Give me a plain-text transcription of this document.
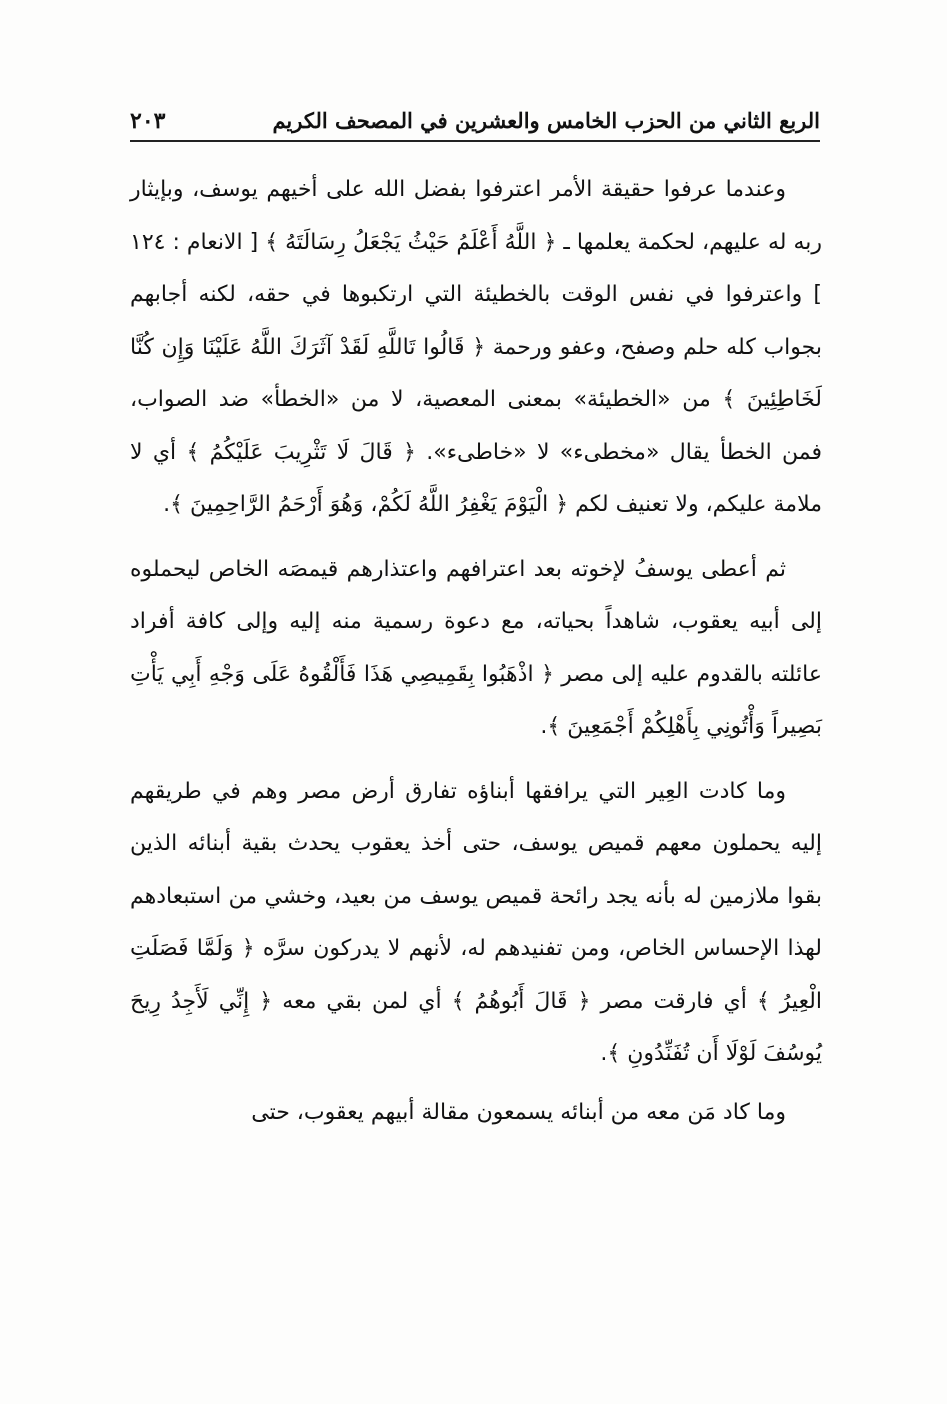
الربع الثاني من الحزب الخامس والعشرين في المصحف الكريم
٢٠٣

وعندما عرفوا حقيقة الأمر اعترفوا بفضل الله على أخيهم يوسف، وبإيثار ربه له عليهم، لحكمة يعلمها ـ ﴿ اللَّهُ أَعْلَمُ حَيْثُ يَجْعَلُ رِسَالَتَهُ ﴾ [ الانعام : ١٢٤ ] واعترفوا في نفس الوقت بالخطيئة التي ارتكبوها في حقه، لكنه أجابهم بجواب كله حلم وصفح، وعفو ورحمة ﴿ قَالُوا تَاللَّهِ لَقَدْ آثَرَكَ اللَّهُ عَلَيْنَا وَإِن كُنَّا لَخَاطِئِينَ ﴾ من «الخطيئة» بمعنى المعصية، لا من «الخطأ» ضد الصواب، فمن الخطأ يقال «مخطىء» لا «خاطىء». ﴿ قَالَ لَا تَثْرِيبَ عَلَيْكُمُ ﴾ أي لا ملامة عليكم، ولا تعنيف لكم ﴿ الْيَوْمَ يَغْفِرُ اللَّهُ لَكُمْ، وَهُوَ أَرْحَمُ الرَّاحِمِينَ ﴾.

ثم أعطى يوسفُ لإخوته بعد اعترافهم واعتذارهم قيمصَه الخاص ليحملوه إلى أبيه يعقوب، شاهداً بحياته، مع دعوة رسمية منه إليه وإلى كافة أفراد عائلته بالقدوم عليه إلى مصر ﴿ اذْهَبُوا بِقَمِيصِي هَذَا فَأَلْقُوهُ عَلَى وَجْهِ أَبِي يَأْتِ بَصِيراً وَأْتُونِي بِأَهْلِكُمْ أَجْمَعِينَ ﴾.

وما كادت العِير التي يرافقها أبناؤه تفارق أرض مصر وهم في طريقهم إليه يحملون معهم قميص يوسف، حتى أخذ يعقوب يحدث بقية أبنائه الذين بقوا ملازمين له بأنه يجد رائحة قميص يوسف من بعيد، وخشي من استبعادهم لهذا الإحساس الخاص، ومن تفنيدهم له، لأنهم لا يدركون سرَّه ﴿ وَلَمَّا فَصَلَتِ الْعِيرُ ﴾ أي فارقت مصر ﴿ قَالَ أَبُوهُمُ ﴾ أي لمن بقي معه ﴿ إِنِّي لَأَجِدُ رِيحَ يُوسُفَ لَوْلَا أَن تُفَنِّدُونِ ﴾.

وما كاد مَن معه من أبنائه يسمعون مقالة أبيهم يعقوب، حتى
